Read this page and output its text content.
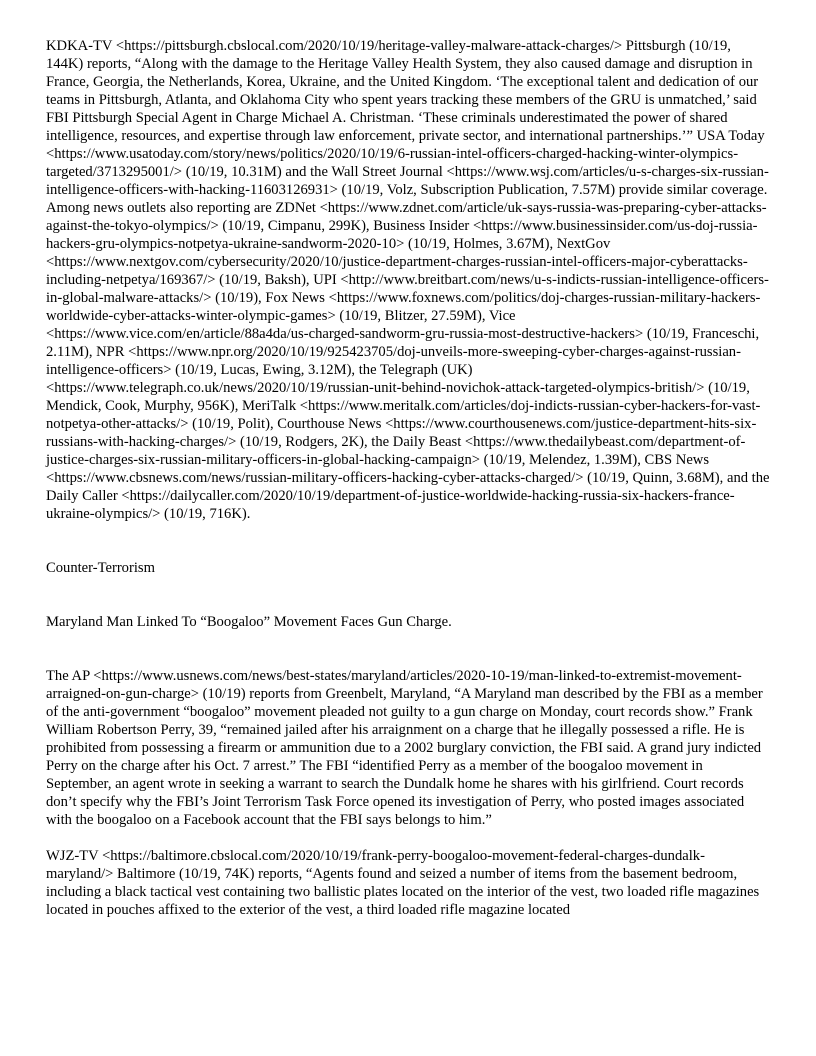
KDKA-TV <https://pittsburgh.cbslocal.com/2020/10/19/heritage-valley-malware-attack-charges/> Pittsburgh (10/19, 144K) reports, “Along with the damage to the Heritage Valley Health System, they also caused damage and disruption in France, Georgia, the Netherlands, Korea, Ukraine, and the United Kingdom. ‘The exceptional talent and dedication of our teams in Pittsburgh, Atlanta, and Oklahoma City who spent years tracking these members of the GRU is unmatched,’ said FBI Pittsburgh Special Agent in Charge Michael A. Christman. ‘These criminals underestimated the power of shared intelligence, resources, and expertise through law enforcement, private sector, and international partnerships.’” USA Today <https://www.usatoday.com/story/news/politics/2020/10/19/6-russian-intel-officers-charged-hacking-winter-olympics-targeted/3713295001/> (10/19, 10.31M) and the Wall Street Journal <https://www.wsj.com/articles/u-s-charges-six-russian-intelligence-officers-with-hacking-11603126931> (10/19, Volz, Subscription Publication, 7.57M) provide similar coverage. Among news outlets also reporting are ZDNet <https://www.zdnet.com/article/uk-says-russia-was-preparing-cyber-attacks-against-the-tokyo-olympics/> (10/19, Cimpanu, 299K), Business Insider <https://www.businessinsider.com/us-doj-russia-hackers-gru-olympics-notpetya-ukraine-sandworm-2020-10> (10/19, Holmes, 3.67M), NextGov <https://www.nextgov.com/cybersecurity/2020/10/justice-department-charges-russian-intel-officers-major-cyberattacks-including-netpetya/169367/> (10/19, Baksh), UPI <http://www.breitbart.com/news/u-s-indicts-russian-intelligence-officers-in-global-malware-attacks/> (10/19), Fox News <https://www.foxnews.com/politics/doj-charges-russian-military-hackers-worldwide-cyber-attacks-winter-olympic-games> (10/19, Blitzer, 27.59M), Vice <https://www.vice.com/en/article/88a4da/us-charged-sandworm-gru-russia-most-destructive-hackers> (10/19, Franceschi, 2.11M), NPR <https://www.npr.org/2020/10/19/925423705/doj-unveils-more-sweeping-cyber-charges-against-russian-intelligence-officers> (10/19, Lucas, Ewing, 3.12M), the Telegraph (UK) <https://www.telegraph.co.uk/news/2020/10/19/russian-unit-behind-novichok-attack-targeted-olympics-british/> (10/19, Mendick, Cook, Murphy, 956K), MeriTalk <https://www.meritalk.com/articles/doj-indicts-russian-cyber-hackers-for-vast-notpetya-other-attacks/> (10/19, Polit), Courthouse News <https://www.courthousenews.com/justice-department-hits-six-russians-with-hacking-charges/> (10/19, Rodgers, 2K), the Daily Beast <https://www.thedailybeast.com/department-of-justice-charges-six-russian-military-officers-in-global-hacking-campaign> (10/19, Melendez, 1.39M), CBS News <https://www.cbsnews.com/news/russian-military-officers-hacking-cyber-attacks-charged/> (10/19, Quinn, 3.68M), and the Daily Caller <https://dailycaller.com/2020/10/19/department-of-justice-worldwide-hacking-russia-six-hackers-france-ukraine-olympics/> (10/19, 716K).

Counter-Terrorism

Maryland Man Linked To “Boogaloo” Movement Faces Gun Charge.

The AP <https://www.usnews.com/news/best-states/maryland/articles/2020-10-19/man-linked-to-extremist-movement-arraigned-on-gun-charge> (10/19) reports from Greenbelt, Maryland, “A Maryland man described by the FBI as a member of the anti-government “boogaloo” movement pleaded not guilty to a gun charge on Monday, court records show.” Frank William Robertson Perry, 39, “remained jailed after his arraignment on a charge that he illegally possessed a rifle. He is prohibited from possessing a firearm or ammunition due to a 2002 burglary conviction, the FBI said. A grand jury indicted Perry on the charge after his Oct. 7 arrest.” The FBI “identified Perry as a member of the boogaloo movement in September, an agent wrote in seeking a warrant to search the Dundalk home he shares with his girlfriend. Court records don’t specify why the FBI’s Joint Terrorism Task Force opened its investigation of Perry, who posted images associated with the boogaloo on a Facebook account that the FBI says belongs to him.”

WJZ-TV <https://baltimore.cbslocal.com/2020/10/19/frank-perry-boogaloo-movement-federal-charges-dundalk-maryland/> Baltimore (10/19, 74K) reports, “Agents found and seized a number of items from the basement bedroom, including a black tactical vest containing two ballistic plates located on the interior of the vest, two loaded rifle magazines located in pouches affixed to the exterior of the vest, a third loaded rifle magazine located
